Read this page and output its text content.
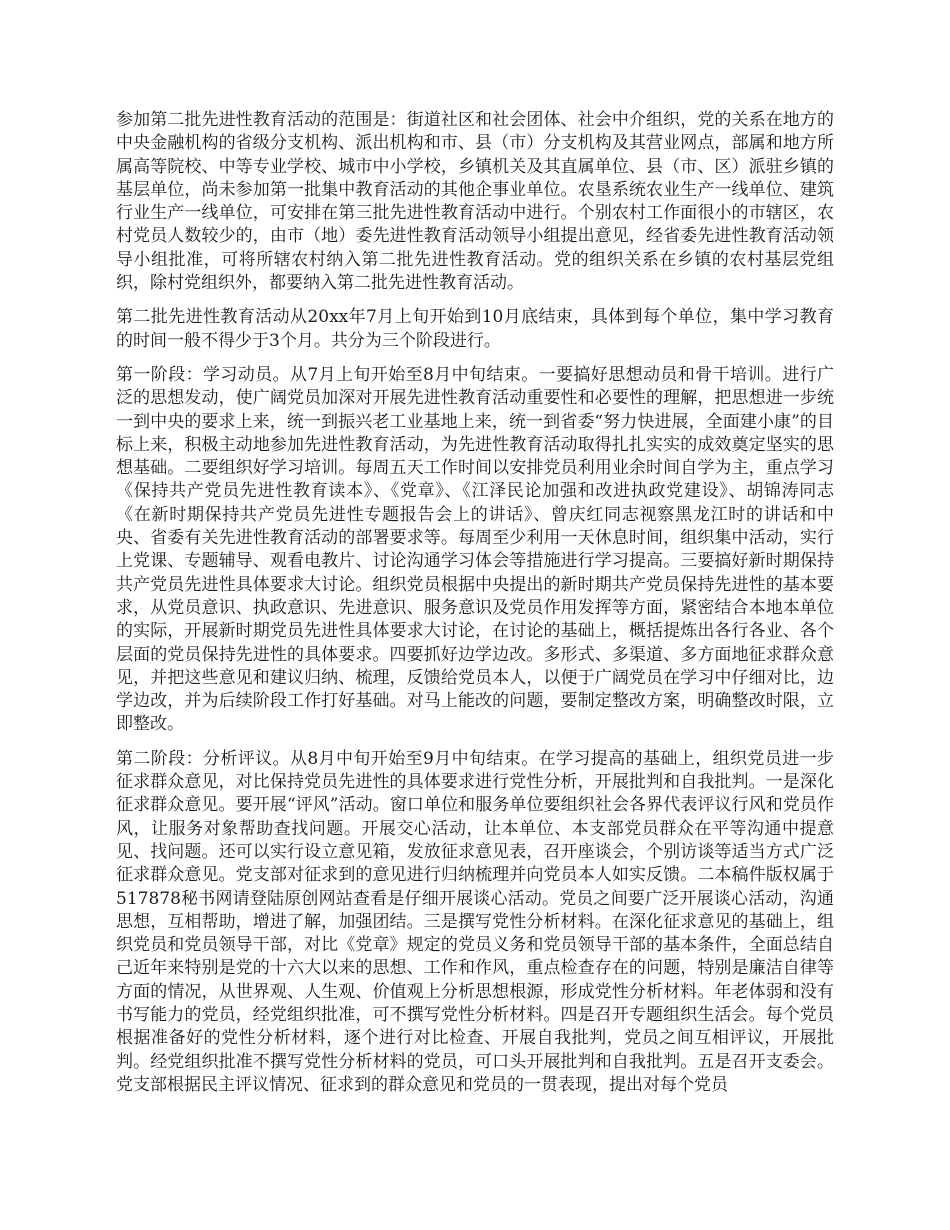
参加第二批先进性教育活动的范围是：街道社区和社会团体、社会中介组织，党的关系在地方的中央金融机构的省级分支机构、派出机构和市、县（市）分支机构及其营业网点，部属和地方所属高等院校、中等专业学校、城市中小学校，乡镇机关及其直属单位、县（市、区）派驻乡镇的基层单位，尚未参加第一批集中教育活动的其他企事业单位。农垦系统农业生产一线单位、建筑行业生产一线单位，可安排在第三批先进性教育活动中进行。个别农村工作面很小的市辖区，农村党员人数较少的，由市（地）委先进性教育活动领导小组提出意见，经省委先进性教育活动领导小组批准，可将所辖农村纳入第二批先进性教育活动。党的组织关系在乡镇的农村基层党组织，除村党组织外，都要纳入第二批先进性教育活动。

第二批先进性教育活动从20xx年7月上旬开始到10月底结束，具体到每个单位，集中学习教育的时间一般不得少于3个月。共分为三个阶段进行。

第一阶段：学习动员。从7月上旬开始至8月中旬结束。一要搞好思想动员和骨干培训。进行广泛的思想发动，使广阔党员加深对开展先进性教育活动重要性和必要性的理解，把思想进一步统一到中央的要求上来，统一到振兴老工业基地上来，统一到省委“努力快进展，全面建小康”的目标上来，积极主动地参加先进性教育活动，为先进性教育活动取得扎扎实实的成效奠定坚实的思想基础。二要组织好学习培训。每周五天工作时间以安排党员利用业余时间自学为主，重点学习《保持共产党员先进性教育读本》、《党章》、《江泽民论加强和改进执政党建设》、胡锦涛同志《在新时期保持共产党员先进性专题报告会上的讲话》、曾庆红同志视察黑龙江时的讲话和中央、省委有关先进性教育活动的部署要求等。每周至少利用一天休息时间，组织集中活动，实行上党课、专题辅导、观看电教片、讨论沟通学习体会等措施进行学习提高。三要搞好新时期保持共产党员先进性具体要求大讨论。组织党员根据中央提出的新时期共产党员保持先进性的基本要求，从党员意识、执政意识、先进意识、服务意识及党员作用发挥等方面，紧密结合本地本单位的实际，开展新时期党员先进性具体要求大讨论，在讨论的基础上，概括提炼出各行各业、各个层面的党员保持先进性的具体要求。四要抓好边学边改。多形式、多渠道、多方面地征求群众意见，并把这些意见和建议归纳、梳理，反馈给党员本人，以便于广阔党员在学习中仔细对比，边学边改，并为后续阶段工作打好基础。对马上能改的问题，要制定整改方案，明确整改时限，立即整改。

第二阶段：分析评议。从8月中旬开始至9月中旬结束。在学习提高的基础上，组织党员进一步征求群众意见，对比保持党员先进性的具体要求进行党性分析，开展批判和自我批判。一是深化征求群众意见。要开展“评风”活动。窗口单位和服务单位要组织社会各界代表评议行风和党员作风，让服务对象帮助查找问题。开展交心活动，让本单位、本支部党员群众在平等沟通中提意见、找问题。还可以实行设立意见箱，发放征求意见表，召开座谈会，个别访谈等适当方式广泛征求群众意见。党支部对征求到的意见进行归纳梳理并向党员本人如实反馈。二本稿件版权属于517878秘书网请登陆原创网站查看是仔细开展谈心活动。党员之间要广泛开展谈心活动，沟通思想，互相帮助，增进了解，加强团结。三是撰写党性分析材料。在深化征求意见的基础上，组织党员和党员领导干部，对比《党章》规定的党员义务和党员领导干部的基本条件，全面总结自己近年来特别是党的十六大以来的思想、工作和作风，重点检查存在的问题，特别是廉洁自律等方面的情况，从世界观、人生观、价值观上分析思想根源，形成党性分析材料。年老体弱和没有书写能力的党员，经党组织批准，可不撰写党性分析材料。四是召开专题组织生活会。每个党员根据准备好的党性分析材料，逐个进行对比检查、开展自我批判，党员之间互相评议，开展批判。经党组织批准不撰写党性分析材料的党员，可口头开展批判和自我批判。五是召开支委会。党支部根据民主评议情况、征求到的群众意见和党员的一贯表现，提出对每个党员
